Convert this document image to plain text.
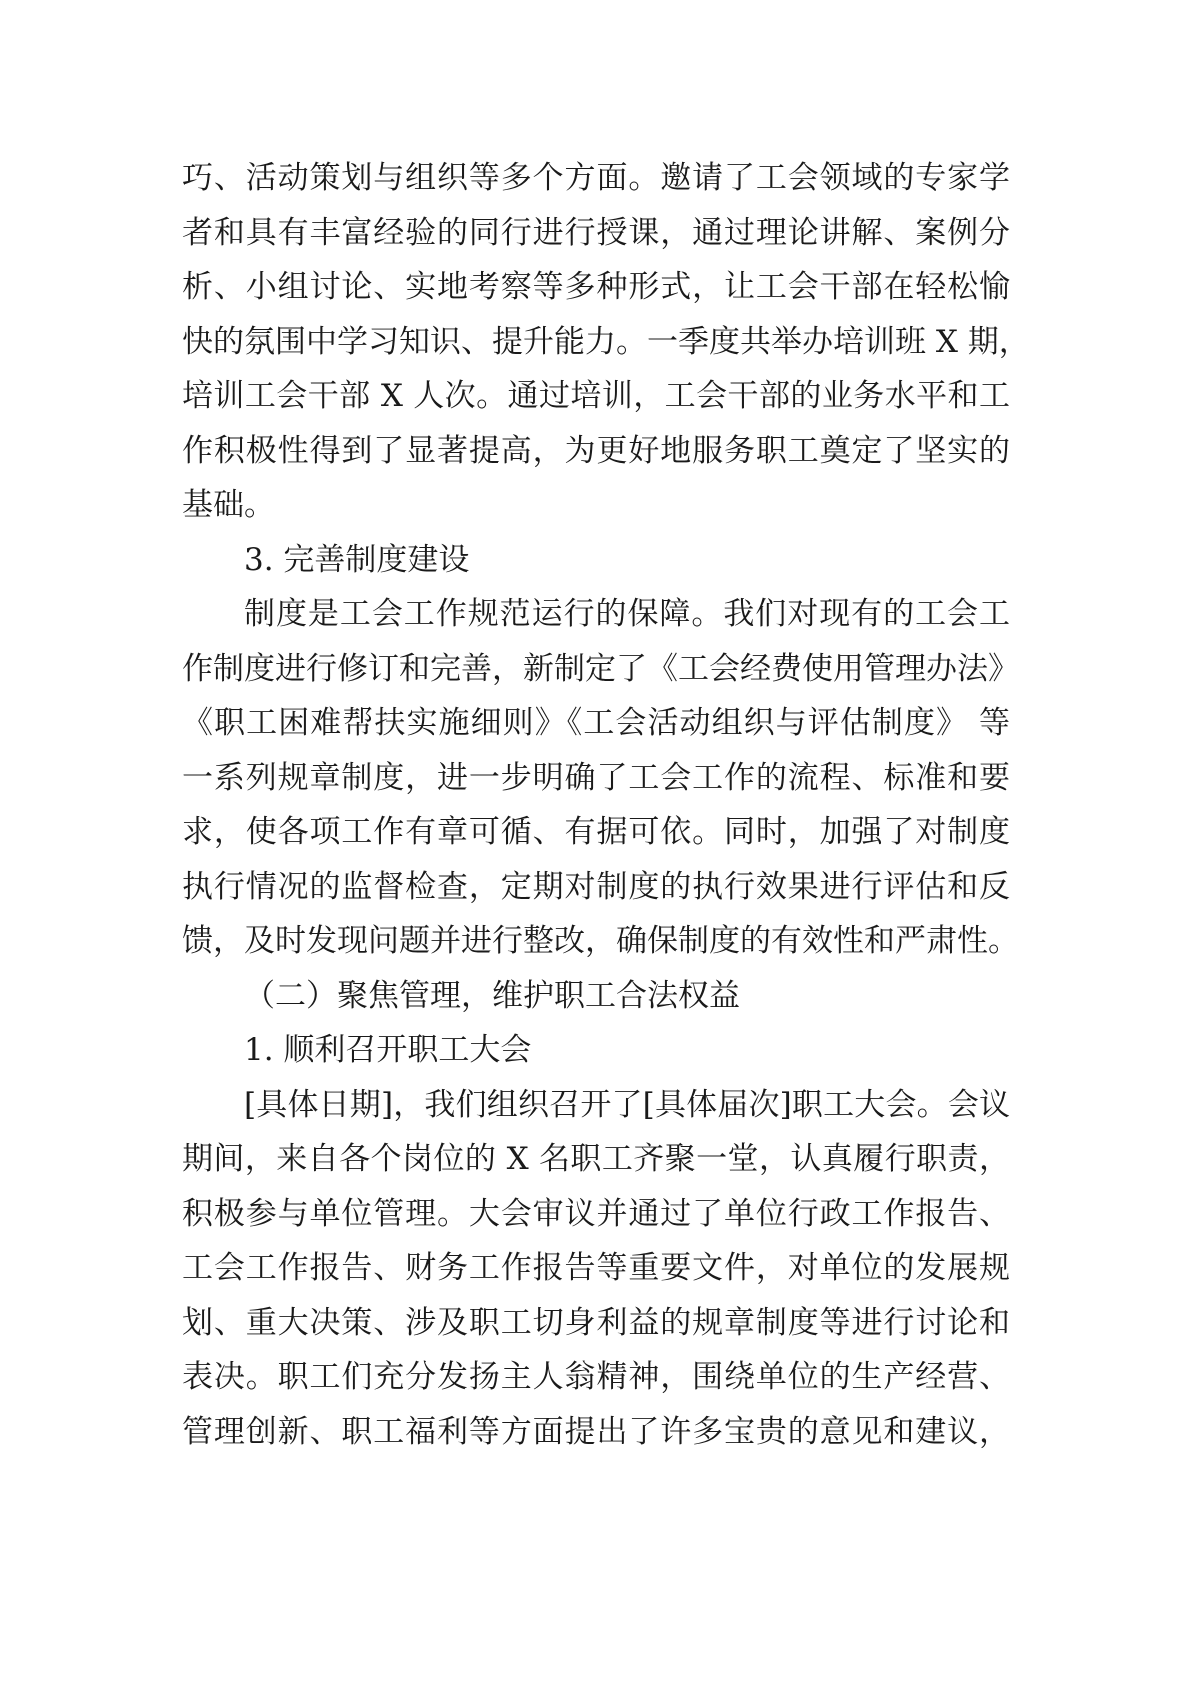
巧、活动策划与组织等多个方面。邀请了工会领域的专家学
者和具有丰富经验的同行进行授课，通过理论讲解、案例分
析、小组讨论、实地考察等多种形式，让工会干部在轻松愉
快的氛围中学习知识、提升能力。一季度共举办培训班 X 期，
培训工会干部 X 人次。通过培训，工会干部的业务水平和工
作积极性得到了显著提高，为更好地服务职工奠定了坚实的
基础。
3. 完善制度建设
制度是工会工作规范运行的保障。我们对现有的工会工
作制度进行修订和完善，新制定了《工会经费使用管理办法》
《职工困难帮扶实施细则》《工会活动组织与评估制度》 等
一系列规章制度，进一步明确了工会工作的流程、标准和要
求，使各项工作有章可循、有据可依。同时，加强了对制度
执行情况的监督检查，定期对制度的执行效果进行评估和反
馈，及时发现问题并进行整改，确保制度的有效性和严肃性。
（二）聚焦管理，维护职工合法权益
1. 顺利召开职工大会
[具体日期]，我们组织召开了[具体届次]职工大会。会议
期间，来自各个岗位的 X 名职工齐聚一堂，认真履行职责，
积极参与单位管理。大会审议并通过了单位行政工作报告、
工会工作报告、财务工作报告等重要文件，对单位的发展规
划、重大决策、涉及职工切身利益的规章制度等进行讨论和
表决。职工们充分发扬主人翁精神，围绕单位的生产经营、
管理创新、职工福利等方面提出了许多宝贵的意见和建议，
